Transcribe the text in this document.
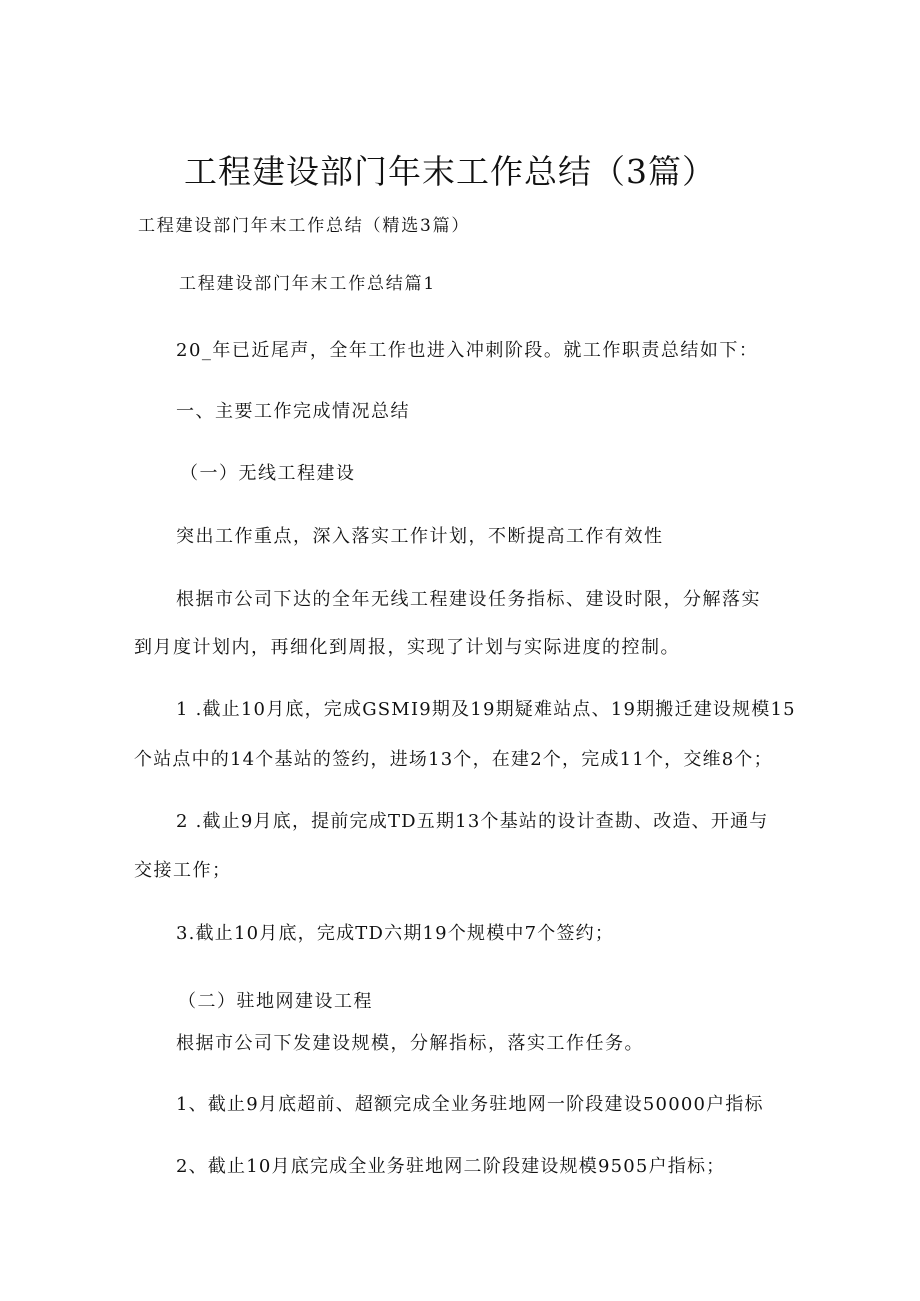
工程建设部门年末工作总结（3篇）
工程建设部门年末工作总结（精选3篇）
工程建设部门年末工作总结篇1
20_年已近尾声，全年工作也进入冲刺阶段。就工作职责总结如下：
一、主要工作完成情况总结
（一）无线工程建设
突出工作重点，深入落实工作计划，不断提高工作有效性
根据市公司下达的全年无线工程建设任务指标、建设时限，分解落实
到月度计划内，再细化到周报，实现了计划与实际进度的控制。
1 .截止10月底，完成GSMI9期及19期疑难站点、19期搬迁建设规模15
个站点中的14个基站的签约，进场13个，在建2个，完成11个，交维8个；
2 .截止9月底，提前完成TD五期13个基站的设计查勘、改造、开通与
交接工作；
3.截止10月底，完成TD六期19个规模中7个签约；
（二）驻地网建设工程
根据市公司下发建设规模，分解指标，落实工作任务。
1、截止9月底超前、超额完成全业务驻地网一阶段建设50000户指标
2、截止10月底完成全业务驻地网二阶段建设规模9505户指标；
